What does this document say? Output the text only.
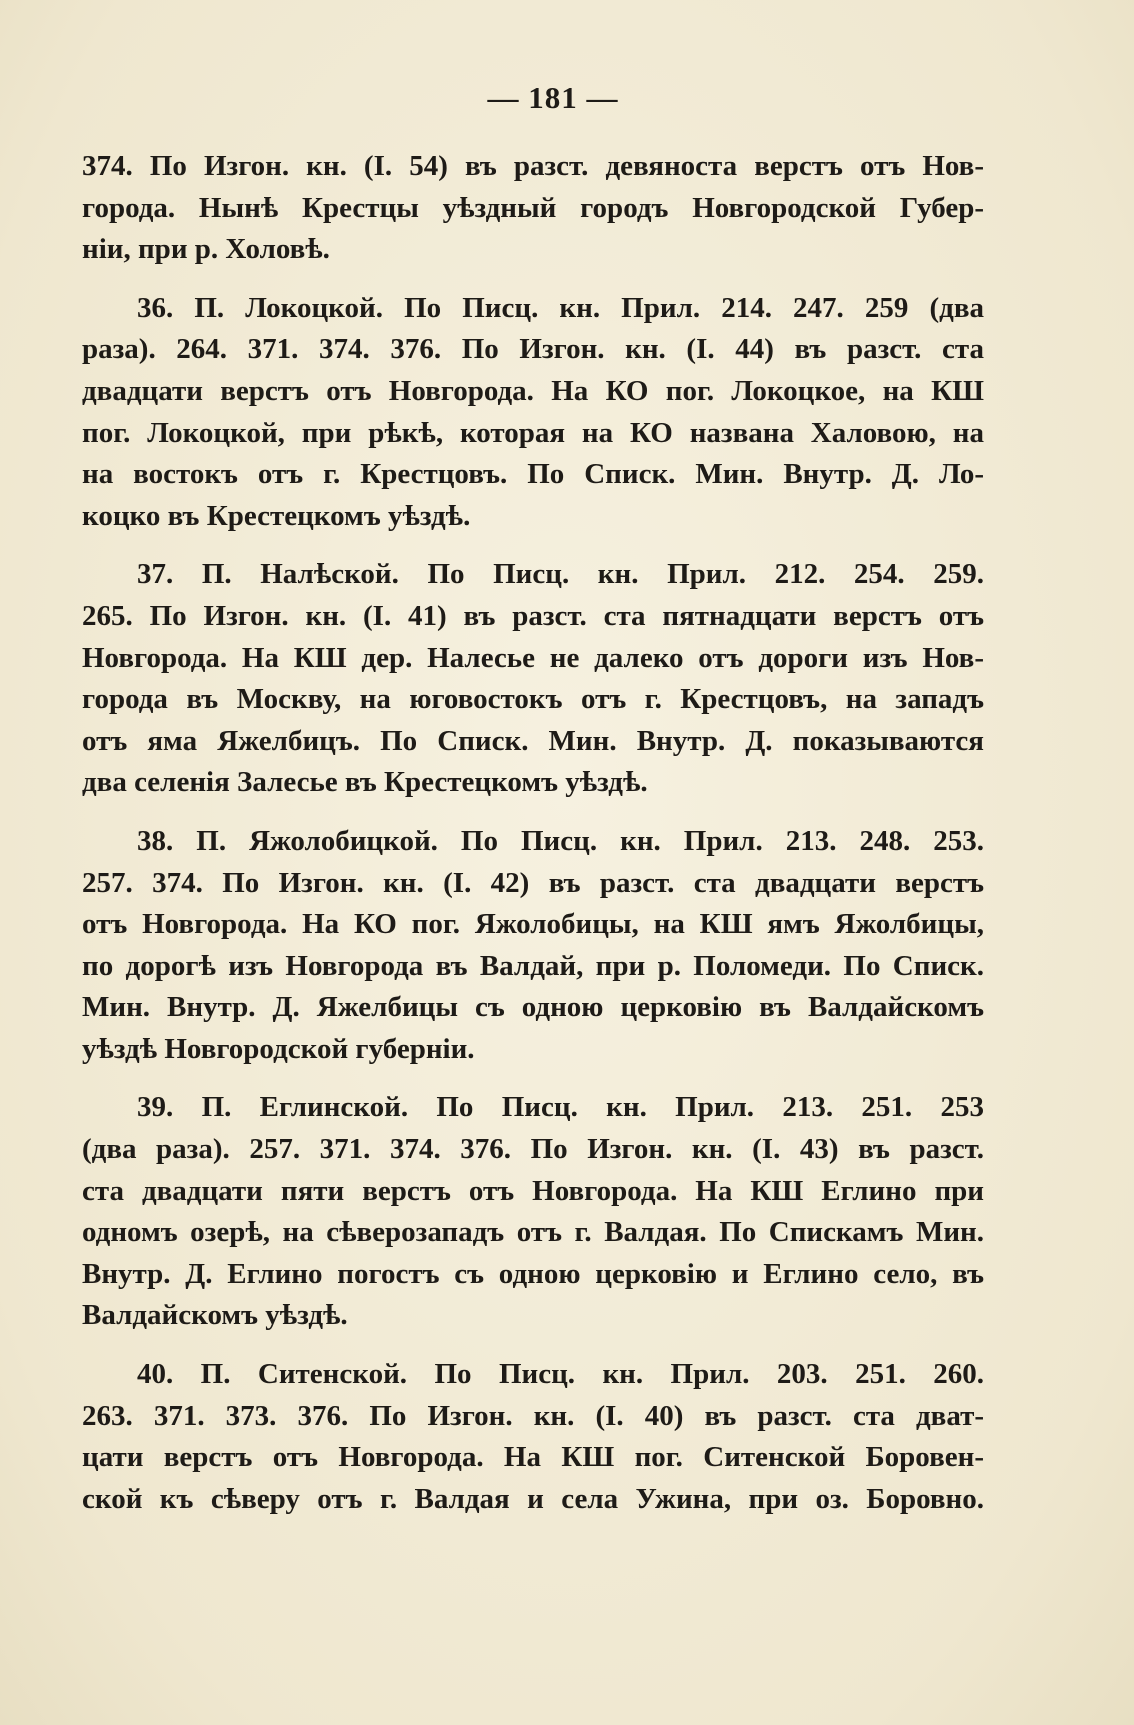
— 181 —
374. По Изгон. кн. (І. 54) въ разст. девяноста верстъ отъ Нов-
города. Нынѣ Крестцы уѣздный городъ Новгородской Губер-
ніи, при р. Холовѣ.
36. П. Локоцкой. По Писц. кн. Прил. 214. 247. 259 (два
раза). 264. 371. 374. 376. По Изгон. кн. (І. 44) въ разст. ста
двадцати верстъ отъ Новгорода. На КО пог. Локоцкое, на КШ
пог. Локоцкой, при рѣкѣ, которая на КО названа Халовою, на
на востокъ отъ г. Крестцовъ. По Списк. Мин. Внутр. Д. Ло-
коцко въ Крестецкомъ уѣздѣ.
37. П. Налѣской. По Писц. кн. Прил. 212. 254. 259.
265. По Изгон. кн. (І. 41) въ разст. ста пятнадцати верстъ отъ
Новгорода. На КШ дер. Налесье не далеко отъ дороги изъ Нов-
города въ Москву, на юговостокъ отъ г. Крестцовъ, на западъ
отъ яма Яжелбицъ. По Списк. Мин. Внутр. Д. показываются
два селенія Залесье въ Крестецкомъ уѣздѣ.
38. П. Яжолобицкой. По Писц. кн. Прил. 213. 248. 253.
257. 374. По Изгон. кн. (І. 42) въ разст. ста двадцати верстъ
отъ Новгорода. На КО пог. Яжолобицы, на КШ ямъ Яжолбицы,
по дорогѣ изъ Новгорода въ Валдай, при р. Поломеди. По Списк.
Мин. Внутр. Д. Яжелбицы съ одною церковію въ Валдайскомъ
уѣздѣ Новгородской губерніи.
39. П. Еглинской. По Писц. кн. Прил. 213. 251. 253
(два раза). 257. 371. 374. 376. По Изгон. кн. (І. 43) въ разст.
ста двадцати пяти верстъ отъ Новгорода. На КШ Еглино при
одномъ озерѣ, на сѣверозападъ отъ г. Валдая. По Спискамъ Мин.
Внутр. Д. Еглино погостъ съ одною церковію и Еглино село, въ
Валдайскомъ уѣздѣ.
40. П. Ситенской. По Писц. кн. Прил. 203. 251. 260.
263. 371. 373. 376. По Изгон. кн. (І. 40) въ разст. ста дват-
цати верстъ отъ Новгорода. На КШ пог. Ситенской Боровен-
ской къ сѣверу отъ г. Валдая и села Ужина, при оз. Боровно.
